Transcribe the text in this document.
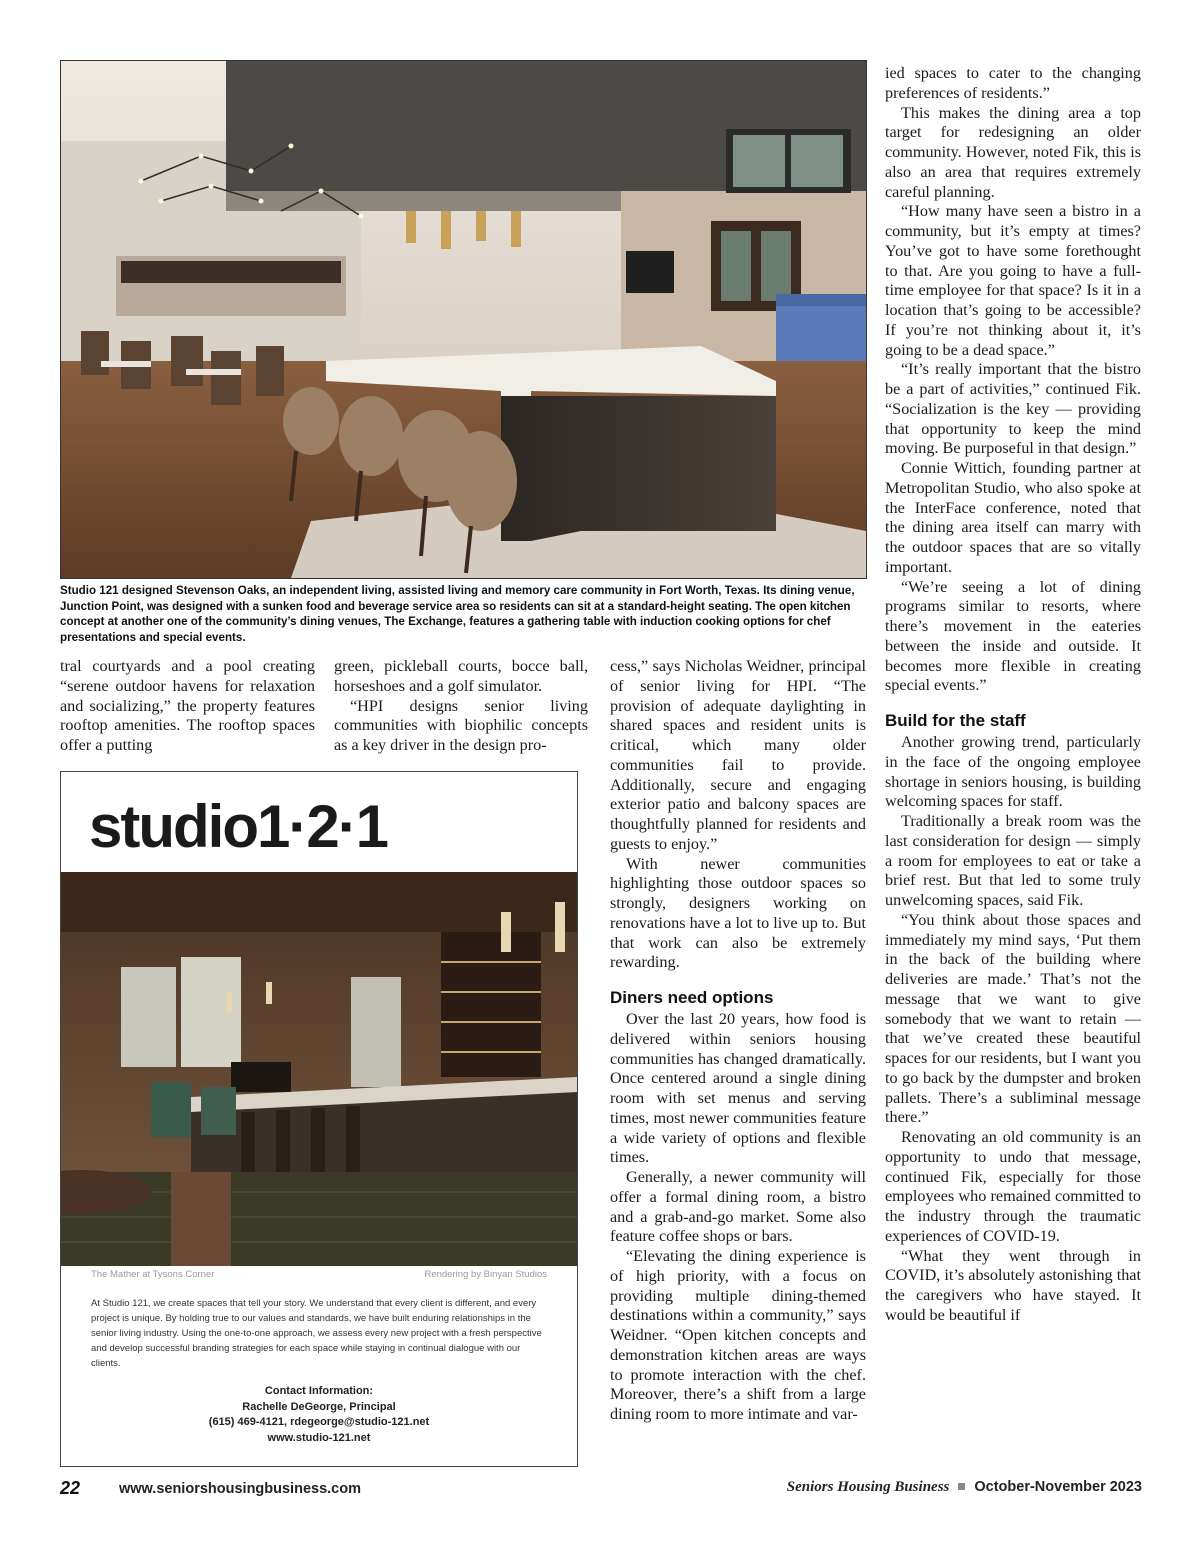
Studio 121 designed Stevenson Oaks, an independent living, assisted living and memory care community in Fort Worth, Texas. Its dining venue, Junction Point, was designed with a sunken food and beverage service area so residents can sit at a standard-height seating. The open kitchen concept at another one of the community’s dining venues, The Exchange, features a gathering table with induction cooking options for chef presentations and special events.

tral courtyards and a pool creating “serene outdoor havens for relaxation and socializing,” the property features rooftop amenities. The rooftop spaces offer a putting

green, pickleball courts, bocce ball, horseshoes and a golf simulator.

“HPI designs senior living communities with biophilic concepts as a key driver in the design pro-

studio1·2·1
The Mather at Tysons Corner	Rendering by Binyan Studios
At Studio 121, we create spaces that tell your story. We understand that every client is different, and every project is unique. By holding true to our values and standards, we have built enduring relationships in the senior living industry. Using the one-to-one approach, we assess every new project with a fresh perspective and develop successful branding strategies for each space while staying in continual dialogue with our clients.
Contact Information:
Rachelle DeGeorge, Principal
(615) 469-4121, rdegeorge@studio-121.net
www.studio-121.net

cess,” says Nicholas Weidner, principal of senior living for HPI. “The provision of adequate daylighting in shared spaces and resident units is critical, which many older communities fail to provide. Additionally, secure and engaging exterior patio and balcony spaces are thoughtfully planned for residents and guests to enjoy.”

With newer communities highlighting those outdoor spaces so strongly, designers working on renovations have a lot to live up to. But that work can also be extremely rewarding.

Diners need options

Over the last 20 years, how food is delivered within seniors housing communities has changed dramatically. Once centered around a single dining room with set menus and serving times, most newer communities feature a wide variety of options and flexible times.

Generally, a newer community will offer a formal dining room, a bistro and a grab-and-go market. Some also feature coffee shops or bars.

“Elevating the dining experience is of high priority, with a focus on providing multiple dining-themed destinations within a community,” says Weidner. “Open kitchen concepts and demonstration kitchen areas are ways to promote interaction with the chef. Moreover, there’s a shift from a large dining room to more intimate and var-

ied spaces to cater to the changing preferences of residents.”

This makes the dining area a top target for redesigning an older community. However, noted Fik, this is also an area that requires extremely careful planning.

“How many have seen a bistro in a community, but it’s empty at times? You’ve got to have some forethought to that. Are you going to have a full-time employee for that space? Is it in a location that’s going to be accessible? If you’re not thinking about it, it’s going to be a dead space.”

“It’s really important that the bistro be a part of activities,” continued Fik. “Socialization is the key — providing that opportunity to keep the mind moving. Be purposeful in that design.”

Connie Wittich, founding partner at Metropolitan Studio, who also spoke at the InterFace conference, noted that the dining area itself can marry with the outdoor spaces that are so vitally important.

“We’re seeing a lot of dining programs similar to resorts, where there’s movement in the eateries between the inside and outside. It becomes more flexible in creating special events.”

Build for the staff

Another growing trend, particularly in the face of the ongoing employee shortage in seniors housing, is building welcoming spaces for staff.

Traditionally a break room was the last consideration for design — simply a room for employees to eat or take a brief rest. But that led to some truly unwelcoming spaces, said Fik.

“You think about those spaces and immediately my mind says, ‘Put them in the back of the building where deliveries are made.’ That’s not the message that we want to give somebody that we want to retain — that we’ve created these beautiful spaces for our residents, but I want you to go back by the dumpster and broken pallets. There’s a subliminal message there.”

Renovating an old community is an opportunity to undo that message, continued Fik, especially for those employees who remained committed to the industry through the traumatic experiences of COVID-19.

“What they went through in COVID, it’s absolutely astonishing that the caregivers who have stayed. It would be beautiful if

22	www.seniorshousingbusiness.com	Seniors Housing Business October-November 2023
